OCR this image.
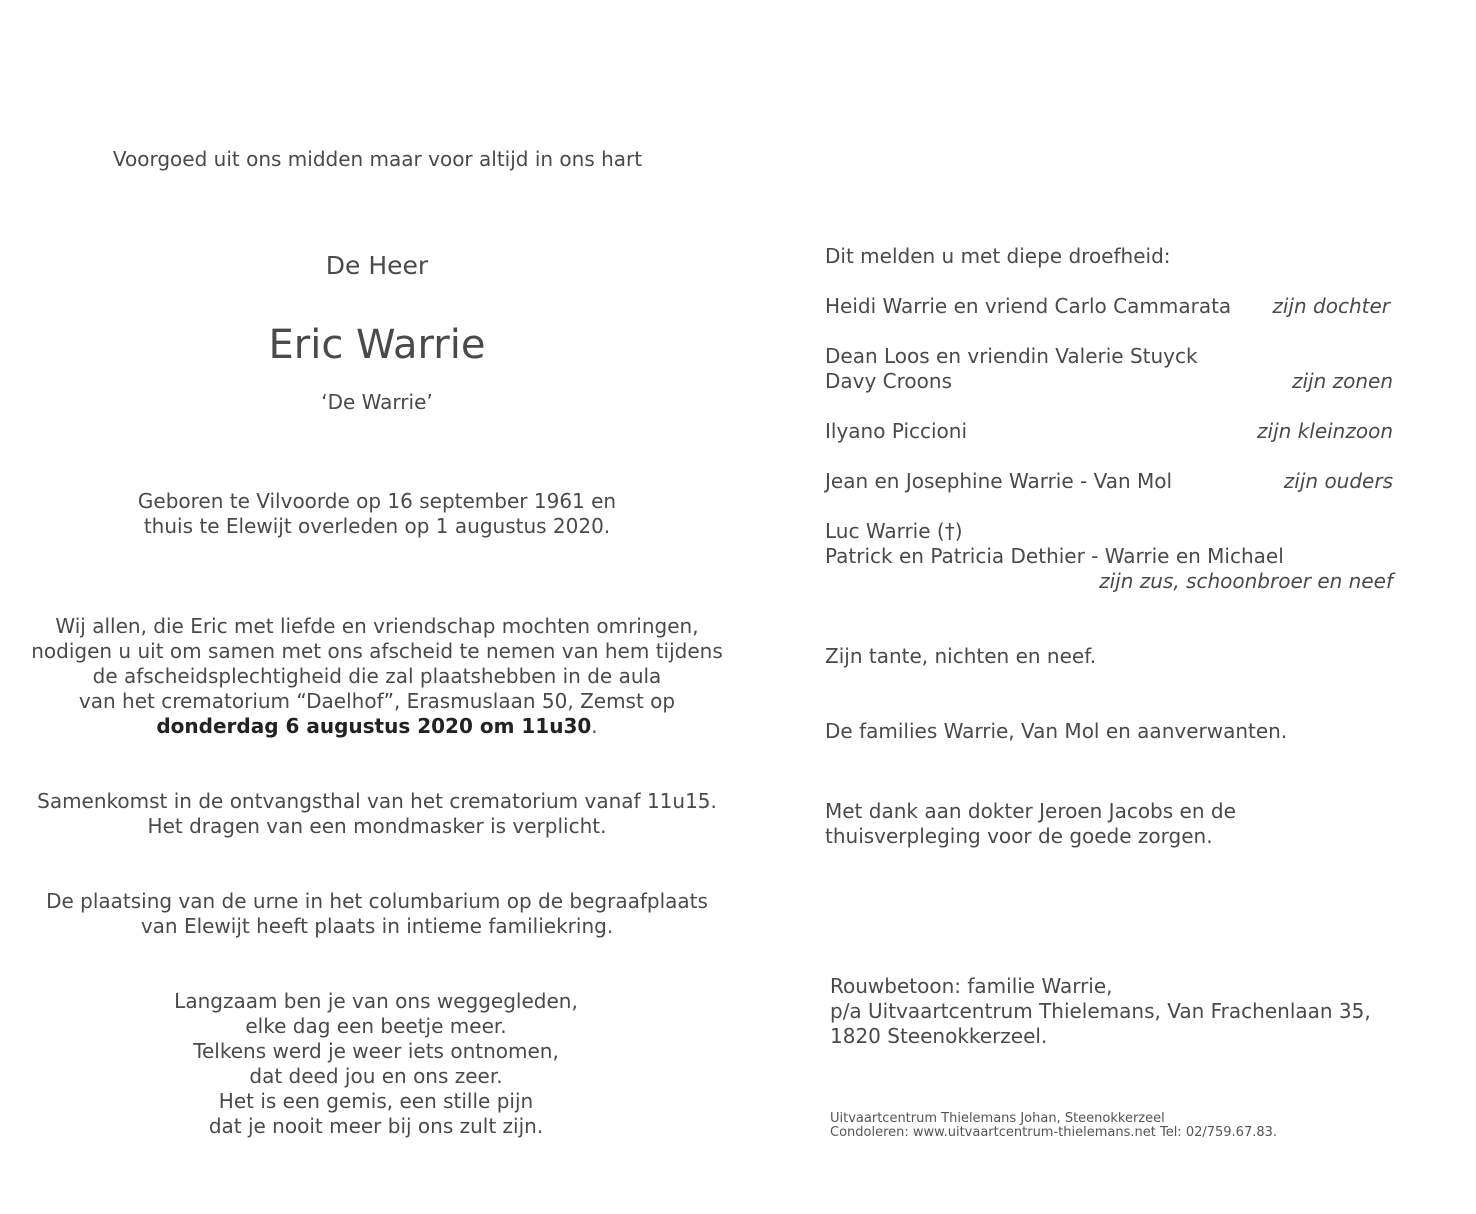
Voorgoed uit ons midden maar voor altijd in ons hart
De Heer
Eric Warrie
‘De Warrie’
Geboren te Vilvoorde op 16 september 1961 en
thuis te Elewijt overleden op 1 augustus 2020.
Wij allen, die Eric met liefde en vriendschap mochten omringen,
nodigen u uit om samen met ons afscheid te nemen van hem tijdens
de afscheidsplechtigheid die zal plaatshebben in de aula
van het crematorium “Daelhof”, Erasmuslaan 50, Zemst op
donderdag 6 augustus 2020 om 11u30.
Samenkomst in de ontvangsthal van het crematorium vanaf 11u15.
Het dragen van een mondmasker is verplicht.
De plaatsing van de urne in het columbarium op de begraafplaats
van Elewijt heeft plaats in intieme familiekring.
Langzaam ben je van ons weggegleden,
elke dag een beetje meer.
Telkens werd je weer iets ontnomen,
dat deed jou en ons zeer.
Het is een gemis, een stille pijn
dat je nooit meer bij ons zult zijn.
Dit melden u met diepe droefheid:
Heidi Warrie en vriend Carlo Cammarata zijn dochter
Dean Loos en vriendin Valerie Stuyck
Davy Croons	zijn zonen
Ilyano Piccioni	zijn kleinzoon
Jean en Josephine Warrie - Van Mol	zijn ouders
Luc Warrie (†)
Patrick en Patricia Dethier - Warrie en Michael
zijn zus, schoonbroer en neef
Zijn tante, nichten en neef.
De families Warrie, Van Mol en aanverwanten.
Met dank aan dokter Jeroen Jacobs en de
thuisverpleging voor de goede zorgen.
Rouwbetoon: familie Warrie,
p/a Uitvaartcentrum Thielemans, Van Frachenlaan 35,
1820 Steenokkerzeel.
Uitvaartcentrum Thielemans Johan, Steenokkerzeel
Condoleren: www.uitvaartcentrum-thielemans.net Tel: 02/759.67.83.
